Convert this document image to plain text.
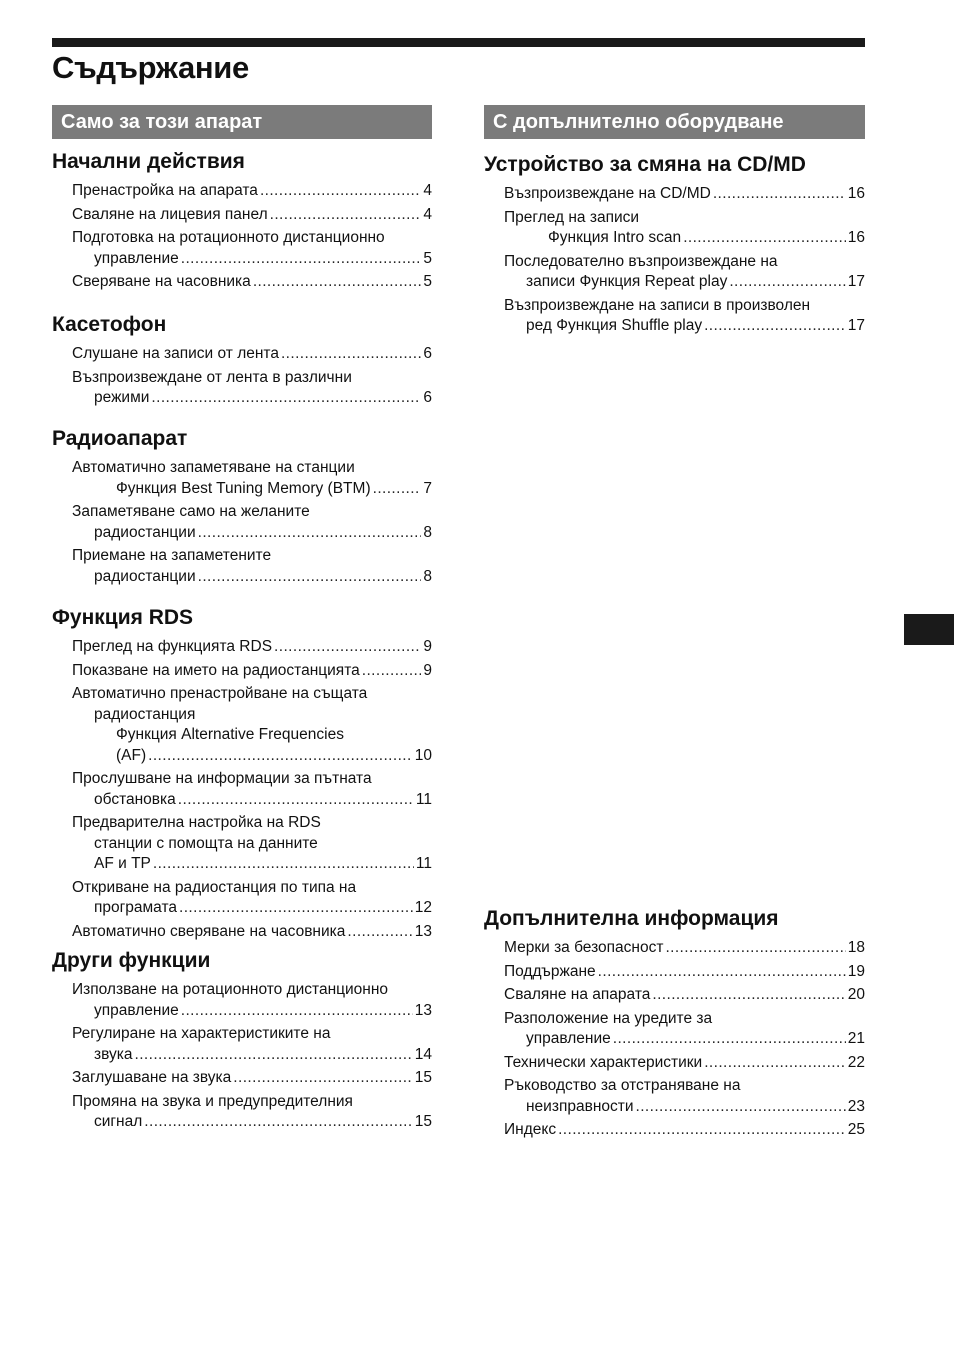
Съдържание
Само за този апарат
Начални действия
Пренастройка на апарата .....	4
Сваляне на лицевия панел .....	4
Подготовка на ротационното дистанционно
управление .....	5
Сверяване на часовника .....	5
Касетофон
Слушане на записи от лента .....	6
Възпроизвеждане от лента в различни
режими .....	6
Радиоапарат
Автоматично запаметяване на станции
Функция Best Tuning Memory (BTM) .....	7
Запаметяване само на желаните
радиостанции .....	8
Приемане на запаметените
радиостанции .....	8
Функция RDS
Преглед на функцията RDS .....	9
Показване на името на радиостанцията .....	9
Автоматично пренастройване на същата
радиостанция
Функция Alternative Frequencies
(AF) .....	10
Прослушване на информации за пътната
обстановка .....	11
Предварителна настройка на RDS
станции с помощта на данните
AF и TP .....	11
Откриване на радиостанция по типа на
програмата .....	12
Автоматично сверяване на часовника .....	13
Други функции
Използване на ротационното дистанционно
управление .....	13
Регулиране на характеристиките на
звука .....	14
Заглушаване на звука .....	15
Промяна на звука и предупредителния
сигнал .....	15
С допълнително оборудване
Устройство за смяна на CD/MD
Възпроизвеждане на CD/MD .....	16
Преглед на записи
Функция Intro scan .....	16
Последователно възпроизвеждане на
записи Функция Repeat play .....	17
Възпроизвеждане на записи в произволен
ред Функция Shuffle play .....	17
Допълнителна информация
Мерки за безопасност .....	18
Поддържане .....	19
Сваляне на апарата .....	20
Разположение на уредите за
управление .....	21
Технически характеристики .....	22
Ръководство за отстраняване на
неизправности .....	23
Индекс .....	25
